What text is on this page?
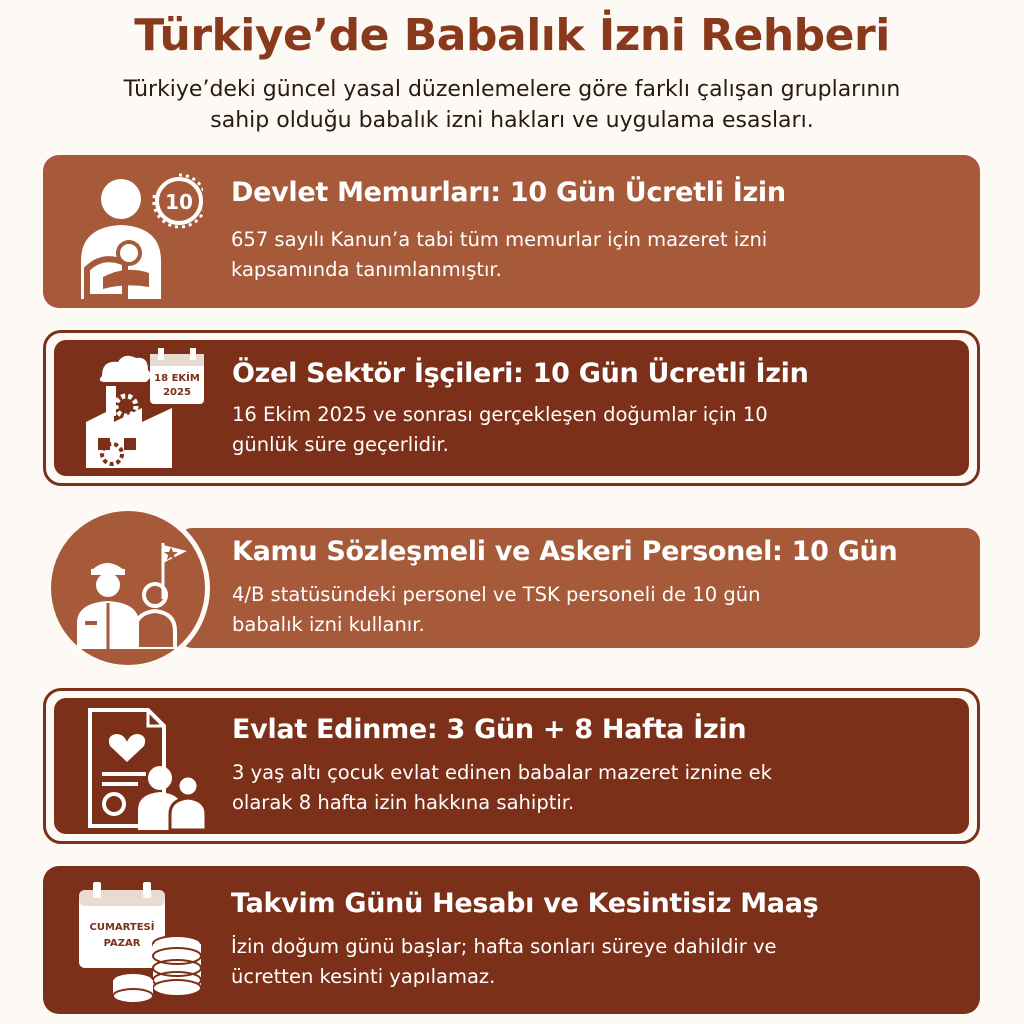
Türkiye’de Babalık İzni Rehberi
Türkiye’deki güncel yasal düzenlemelere göre farklı çalışan gruplarının
sahip olduğu babalık izni hakları ve uygulama esasları.
10 Devlet Memurları: 10 Gün Ücretli İzin
657 sayılı Kanun’a tabi tüm memurlar için mazeret izni
kapsamında tanımlanmıştır.
18 EKİM
2025
Özel Sektör İşçileri: 10 Gün Ücretli İzin
16 Ekim 2025 ve sonrası gerçekleşen doğumlar için 10
günlük süre geçerlidir.
Kamu Sözleşmeli ve Askeri Personel: 10 Gün
4/B statüsündeki personel ve TSK personeli de 10 gün
babalık izni kullanır.
Evlat Edinme: 3 Gün + 8 Hafta İzin
3 yaş altı çocuk evlat edinen babalar mazeret iznine ek
olarak 8 hafta izin hakkına sahiptir.
CUMARTESİ
PAZAR
Takvim Günü Hesabı ve Kesintisiz Maaş
İzin doğum günü başlar; hafta sonları süreye dahildir ve
ücretten kesinti yapılamaz.
